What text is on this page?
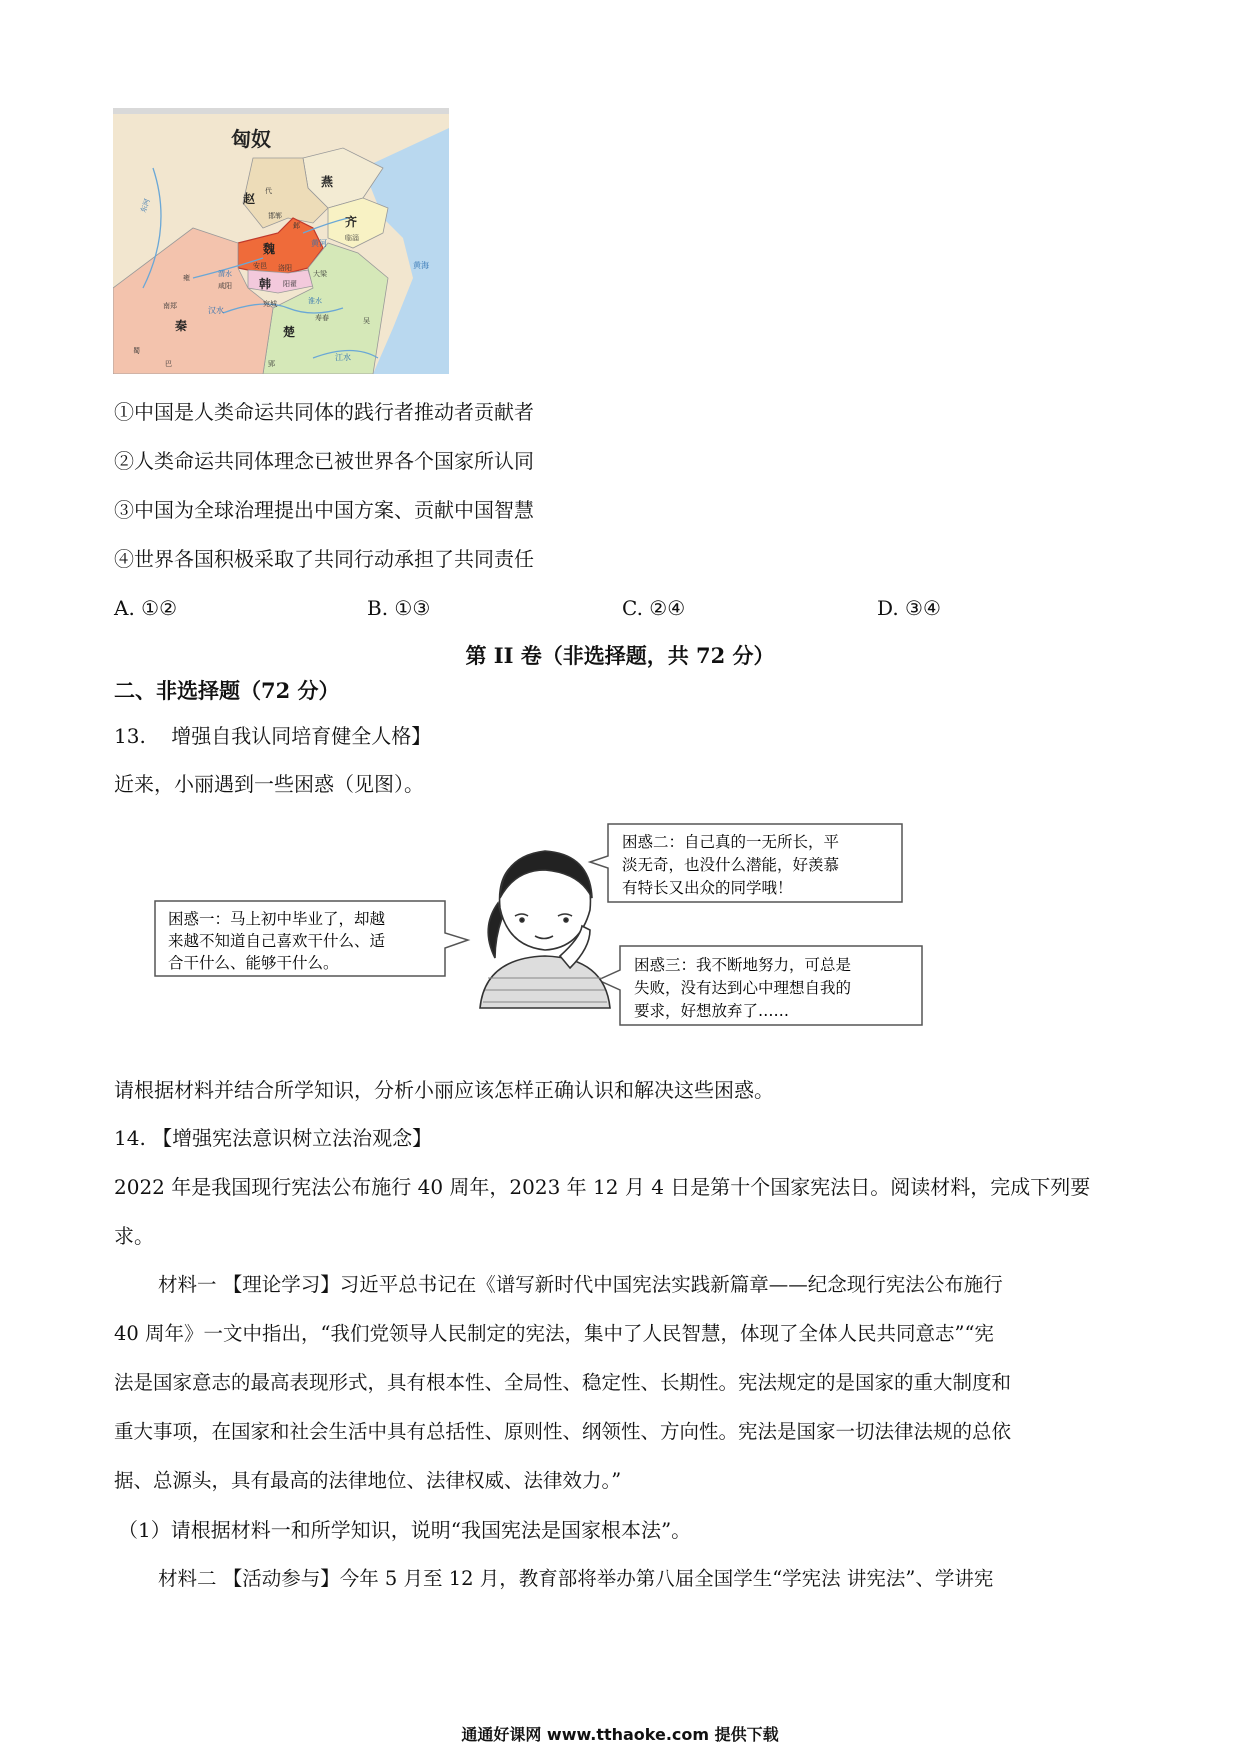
匈奴
赵
燕
代
齐
邯郸
邺
黄河
临淄
黄海
魏
安邑 洛阳
大梁
韩 阳翟
渭水
雍
咸阳
南郑	汉水
宛城	淮水
寿春	吴
秦	楚
蜀
巴	郢
江水
东河
①中国是人类命运共同体的践行者推动者贡献者
②人类命运共同体理念已被世界各个国家所认同
③中国为全球治理提出中国方案、贡献中国智慧
④世界各国积极采取了共同行动承担了共同责任
A. ①②	B. ①③	C. ②④	D. ③④
第 II 卷（非选择题，共 72 分）
二、非选择题（72 分）
13.    增强自我认同培育健全人格】
近来，小丽遇到一些困惑（见图）。
困惑一：马上初中毕业了，却越
来越不知道自己喜欢干什么、适
合干什么、能够干什么。
困惑二：自己真的一无所长，平
淡无奇，也没什么潜能，好羡慕
有特长又出众的同学哦！
困惑三：我不断地努力，可总是
失败，没有达到心中理想自我的
要求，好想放弃了……
请根据材料并结合所学知识，分析小丽应该怎样正确认识和解决这些困惑。
14. 【增强宪法意识树立法治观念】
2022 年是我国现行宪法公布施行 40 周年，2023 年 12 月 4 日是第十个国家宪法日。阅读材料，完成下列要
求。
材料一 【理论学习】习近平总书记在《谱写新时代中国宪法实践新篇章——纪念现行宪法公布施行
40 周年》一文中指出，“我们党领导人民制定的宪法，集中了人民智慧，体现了全体人民共同意志”“宪
法是国家意志的最高表现形式，具有根本性、全局性、稳定性、长期性。宪法规定的是国家的重大制度和
重大事项，在国家和社会生活中具有总括性、原则性、纲领性、方向性。宪法是国家一切法律法规的总依
据、总源头，具有最高的法律地位、法律权威、法律效力。”
（1）请根据材料一和所学知识，说明“我国宪法是国家根本法”。
材料二 【活动参与】今年 5 月至 12 月，教育部将举办第八届全国学生“学宪法 讲宪法”、学讲宪
通通好课网 www.tthaoke.com 提供下载
